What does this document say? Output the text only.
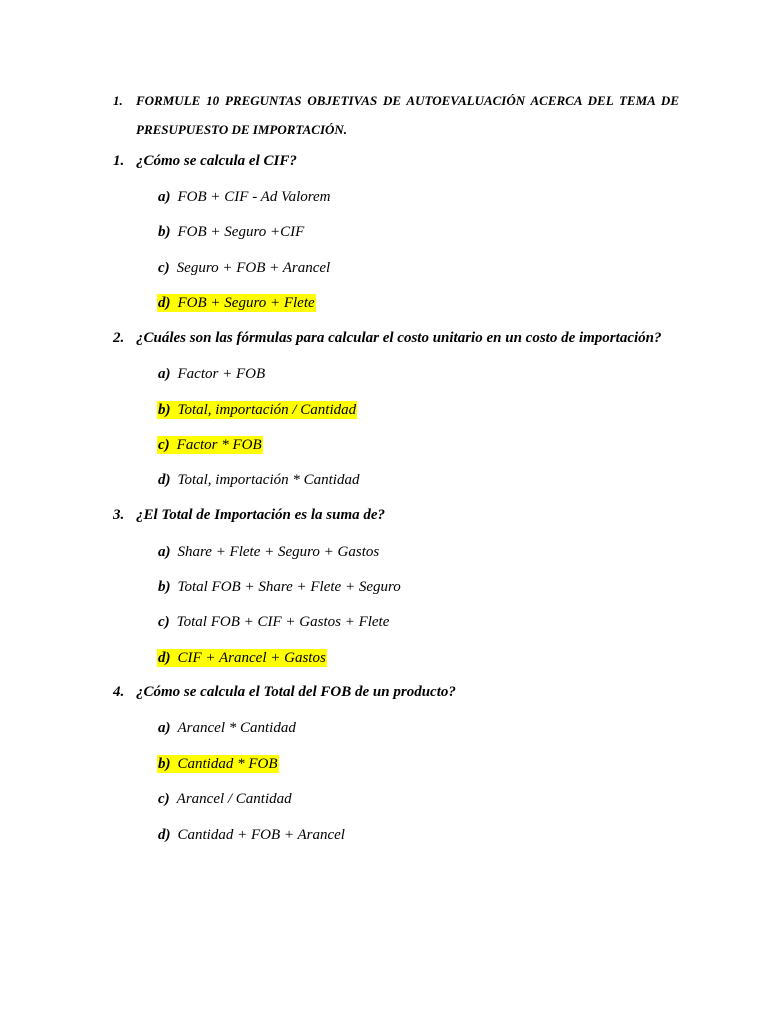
1. FORMULE 10 PREGUNTAS OBJETIVAS DE AUTOEVALUACIÓN ACERCA DEL TEMA DE
PRESUPUESTO DE IMPORTACIÓN.
1. ¿Cómo se calcula el CIF?
a) FOB + CIF - Ad Valorem
b) FOB + Seguro +CIF
c) Seguro + FOB + Arancel
d) FOB + Seguro + Flete
2. ¿Cuáles son las fórmulas para calcular el costo unitario en un costo de importación?
a) Factor + FOB
b) Total, importación / Cantidad
c) Factor * FOB
d) Total, importación * Cantidad
3. ¿El Total de Importación es la suma de?
a) Share + Flete + Seguro + Gastos
b) Total FOB + Share + Flete + Seguro
c) Total FOB + CIF + Gastos + Flete
d) CIF + Arancel + Gastos
4. ¿Cómo se calcula el Total del FOB de un producto?
a) Arancel * Cantidad
b) Cantidad * FOB
c) Arancel / Cantidad
d) Cantidad + FOB + Arancel
